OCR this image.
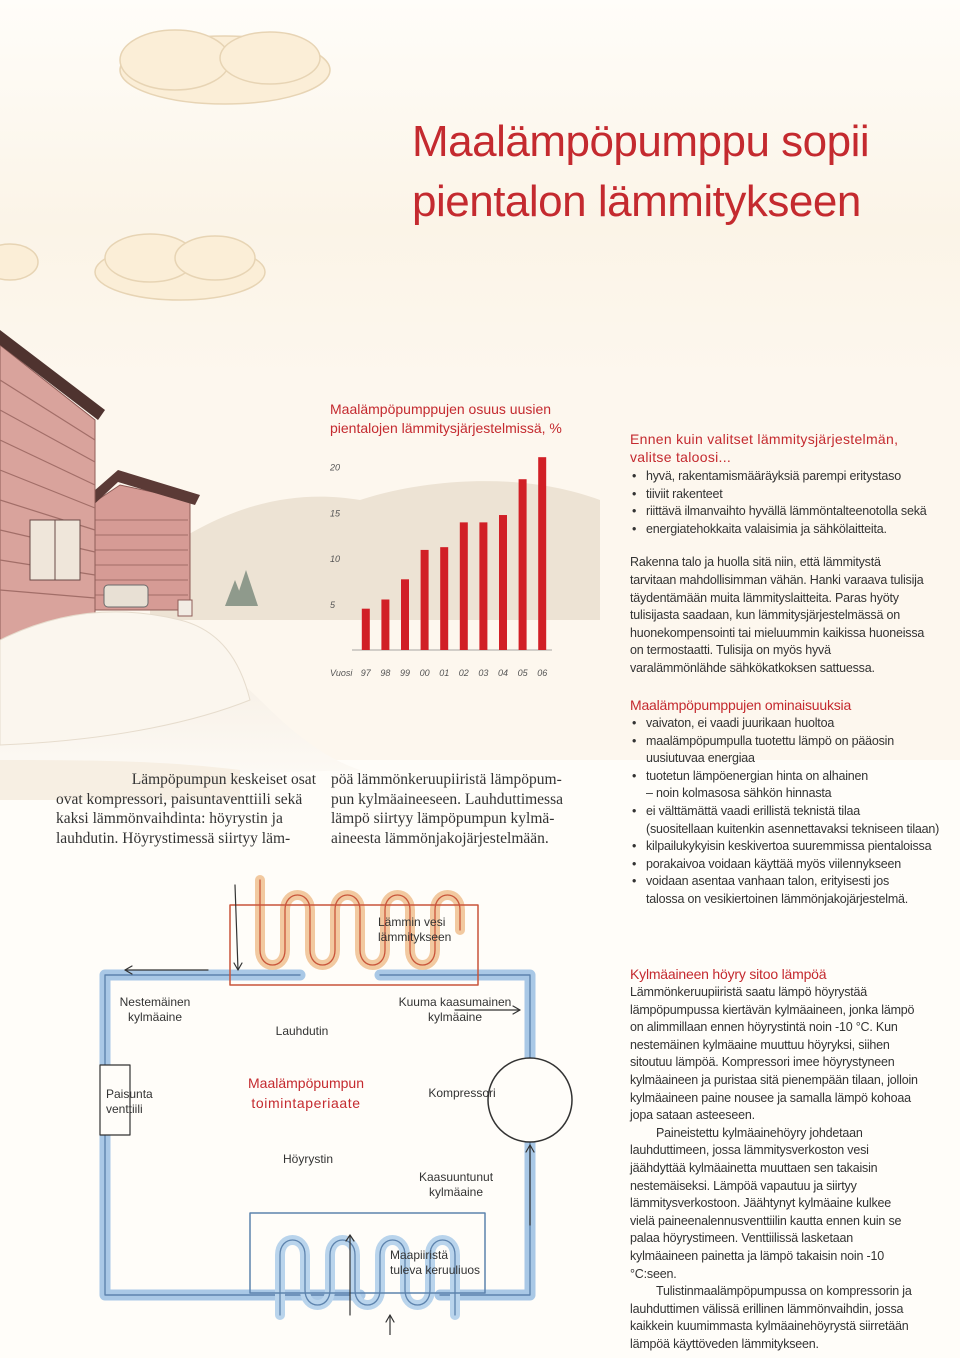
Maalämpöpumppu sopii
pientalon lämmitykseen
Maalämpöpumppujen osuus uusien pientalojen lämmitysjärjestelmissä, %
5
10
15
20
97 98 99 00 01 02 03 04 05 06
Vuosi
Ennen kuin valitset lämmitysjärjestelmän,
valitse taloosi...
• hyvä, rakentamismääräyksiä parempi eritystaso
• tiiviit rakenteet
• riittävä ilmanvaihto hyvällä lämmöntalteenotolla sekä
• energiatehokkaita valaisimia ja sähkölaitteita.

Rakenna talo ja huolla sitä niin, että lämmitystä tarvitaan mahdollisimman vähän. Hanki varaava tulisija täydentämään muita lämmityslaitteita. Paras hyöty tulisijasta saadaan, kun lämmitysjärjestelmässä on huonekompensointi tai mieluummin kaikissa huoneissa on termostaatti. Tulisija on myös hyvä varalämmönlähde sähkökatkoksen sattuessa.

Maalämpöpumppujen ominaisuuksia
• vaivaton, ei vaadi juurikaan huoltoa
• maalämpöpumpulla tuotettu lämpö on pääosin
uusiutuvaa energiaa
• tuotetun lämpöenergian hinta on alhainen
– noin kolmasosa sähkön hinnasta
• ei välttämättä vaadi erillistä teknistä tilaa
(suositellaan kuitenkin asennettavaksi tekniseen tilaan)
• kilpailukykyisin keskivertoa suuremmissa pientaloissa
• porakaivoa voidaan käyttää myös viilennykseen
• voidaan asentaa vanhaan talon, erityisesti jos
talossa on vesikiertoinen lämmönjakojärjestelmä.
Lämpöpumpun keskeiset osat
ovat kompressori, paisuntaventtiili sekä
kaksi lämmönvaihdinta: höyrystin ja
lauhdutin. Höyrystimessä siirtyy läm-
pöä lämmönkeruupiiristä lämpöpum-
pun kylmäaineeseen. Lauhduttimessa
lämpö siirtyy lämpöpumpun kylmä-
aineesta lämmönjakojärjestelmään.
Lämmin vesi
lämmitykseen
Nestemäinen
kylmäaine
Lauhdutin
Kuuma kaasumainen
kylmäaine
Maalämpöpumpun
toimintaperiaate
Paisunta
venttiili
Kompressori
Höyrystin
Kaasuuntunut
kylmäaine
Maapiiristä
tuleva keruuliuos
Kylmäaineen höyry sitoo lämpöä

Lämmönkeruupiiristä saatu lämpö höyrystää lämpöpumpussa kiertävän kylmäaineen, jonka lämpö on alimmillaan ennen höyrystintä noin -10 °C. Kun nestemäinen kylmäaine muuttuu höyryksi, siihen sitoutuu lämpöä. Kompressori imee höyrystyneen kylmäaineen ja puristaa sitä pienempään tilaan, jolloin kylmäaineen paine nousee ja samalla lämpö kohoaa jopa sataan asteeseen.

Paineistettu kylmäainehöyry johdetaan lauhduttimeen, jossa lämmitysverkoston vesi jäähdyttää kylmäainetta muuttaen sen takaisin nestemäiseksi. Lämpöä vapautuu ja siirtyy lämmitysverkostoon. Jäähtynyt kylmäaine kulkee vielä paineenalennusventtiilin kautta ennen kuin se palaa höyrystimeen. Venttiilissä lasketaan kylmäaineen painetta ja lämpö takaisin noin -10 °C:seen.

Tulistinmaalämpöpumpussa on kompressorin ja lauhduttimen välissä erillinen lämmönvaihdin, jossa kaikkein kuumimmasta kylmäainehöyrystä siirretään lämpöä käyttöveden lämmitykseen.
